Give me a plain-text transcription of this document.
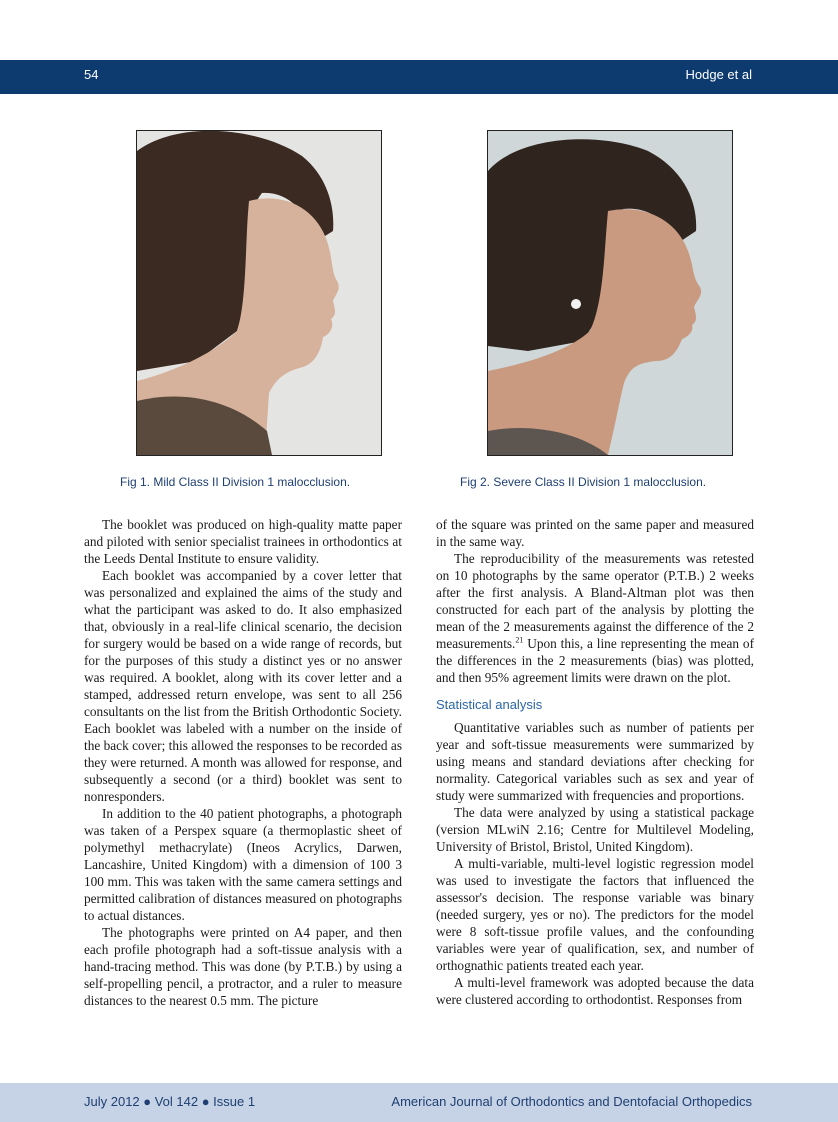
54	Hodge et al
Fig 1. Mild Class II Division 1 malocclusion.	Fig 2. Severe Class II Division 1 malocclusion.

The booklet was produced on high-quality matte paper and piloted with senior specialist trainees in orthodontics at the Leeds Dental Institute to ensure validity.

Each booklet was accompanied by a cover letter that was personalized and explained the aims of the study and what the participant was asked to do. It also emphasized that, obviously in a real-life clinical scenario, the decision for surgery would be based on a wide range of records, but for the purposes of this study a distinct yes or no answer was required. A booklet, along with its cover letter and a stamped, addressed return envelope, was sent to all 256 consultants on the list from the British Orthodontic Society. Each booklet was labeled with a number on the inside of the back cover; this allowed the responses to be recorded as they were returned. A month was allowed for response, and subsequently a second (or a third) booklet was sent to nonresponders.

In addition to the 40 patient photographs, a photograph was taken of a Perspex square (a thermoplastic sheet of polymethyl methacrylate) (Ineos Acrylics, Darwen, Lancashire, United Kingdom) with a dimension of 100 3 100 mm. This was taken with the same camera settings and permitted calibration of distances measured on photographs to actual distances.

The photographs were printed on A4 paper, and then each profile photograph had a soft-tissue analysis with a hand-tracing method. This was done (by P.T.B.) by using a self-propelling pencil, a protractor, and a ruler to measure distances to the nearest 0.5 mm. The picture

of the square was printed on the same paper and measured in the same way.

The reproducibility of the measurements was retested on 10 photographs by the same operator (P.T.B.) 2 weeks after the first analysis. A Bland-Altman plot was then constructed for each part of the analysis by plotting the mean of the 2 measurements against the difference of the 2 measurements.$^{21}$ Upon this, a line representing the mean of the differences in the 2 measurements (bias) was plotted, and then 95% agreement limits were drawn on the plot.

Statistical analysis

Quantitative variables such as number of patients per year and soft-tissue measurements were summarized by using means and standard deviations after checking for normality. Categorical variables such as sex and year of study were summarized with frequencies and proportions.

The data were analyzed by using a statistical package (version MLwiN 2.16; Centre for Multilevel Modeling, University of Bristol, Bristol, United Kingdom).

A multi-variable, multi-level logistic regression model was used to investigate the factors that influenced the assessor's decision. The response variable was binary (needed surgery, yes or no). The predictors for the model were 8 soft-tissue profile values, and the confounding variables were year of qualification, sex, and number of orthognathic patients treated each year.

A multi-level framework was adopted because the data were clustered according to orthodontist. Responses from

July 2012 ● Vol 142 ● Issue 1	American Journal of Orthodontics and Dentofacial Orthopedics
